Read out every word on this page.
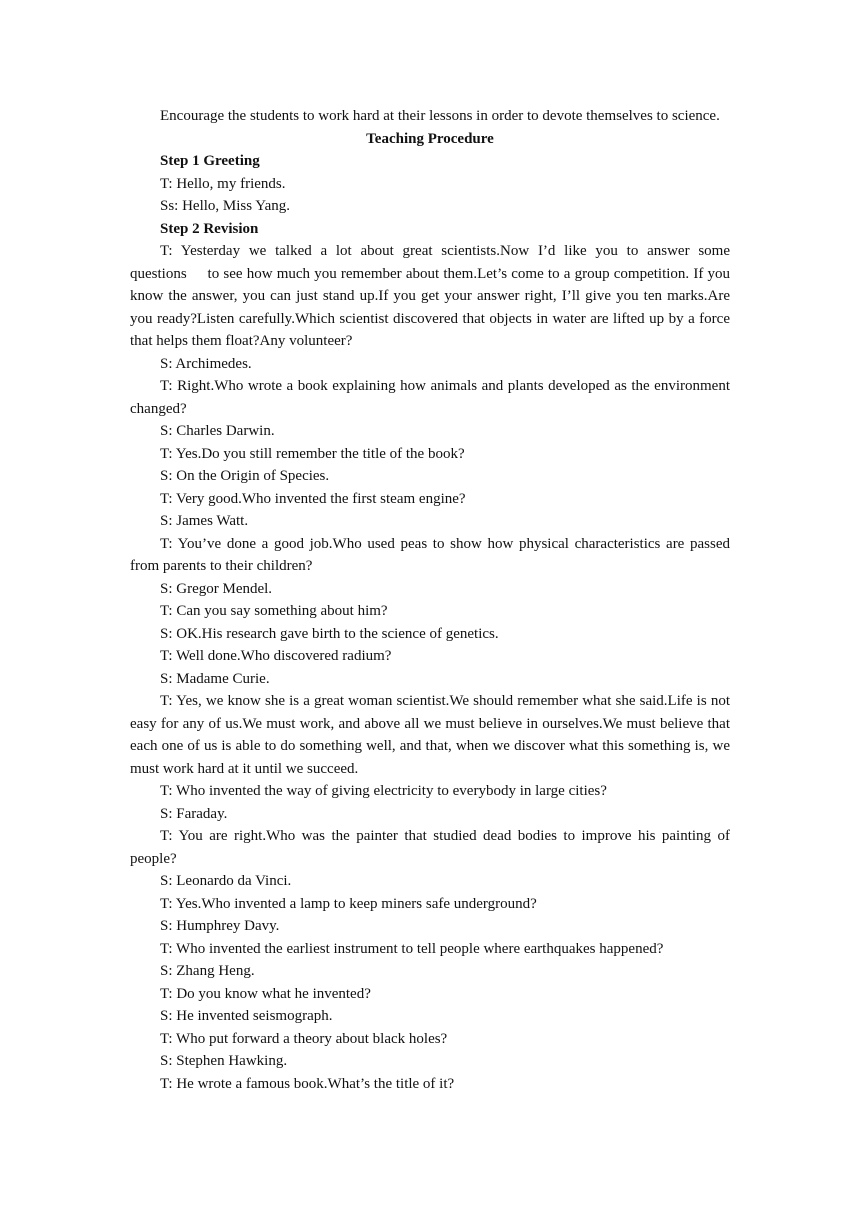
Encourage the students to work hard at their lessons in order to devote themselves to science.

Teaching Procedure

Step 1 Greeting

T: Hello, my friends.

Ss: Hello, Miss Yang.

Step 2 Revision

T: Yesterday we talked a lot about great scientists.Now I’d like you to answer some questions     to see how much you remember about them.Let’s come to a group competition. If you know the answer, you can just stand up.If you get your answer right, I’ll give you ten marks.Are you ready?Listen carefully.Which scientist discovered that objects in water are lifted up by a force that helps them float?Any volunteer?

S: Archimedes.

T: Right.Who wrote a book explaining how animals and plants developed as the environment changed?

S: Charles Darwin.

T: Yes.Do you still remember the title of the book?

S: On the Origin of Species.

T: Very good.Who invented the first steam engine?

S: James Watt.

T: You’ve done a good job.Who used peas to show how physical characteristics are passed from parents to their children?

S: Gregor Mendel.

T: Can you say something about him?

S: OK.His research gave birth to the science of genetics.

T: Well done.Who discovered radium?

S: Madame Curie.

T: Yes, we know she is a great woman scientist.We should remember what she said.Life is not easy for any of us.We must work, and above all we must believe in ourselves.We must believe that each one of us is able to do something well, and that, when we discover what this something is, we must work hard at it until we succeed.

T: Who invented the way of giving electricity to everybody in large cities?

S: Faraday.

T: You are right.Who was the painter that studied dead bodies to improve his painting of people?

S: Leonardo da Vinci.

T: Yes.Who invented a lamp to keep miners safe underground?

S: Humphrey Davy.

T: Who invented the earliest instrument to tell people where earthquakes happened?

S: Zhang Heng.

T: Do you know what he invented?

S: He invented seismograph.

T: Who put forward a theory about black holes?

S: Stephen Hawking.

T: He wrote a famous book.What’s the title of it?
